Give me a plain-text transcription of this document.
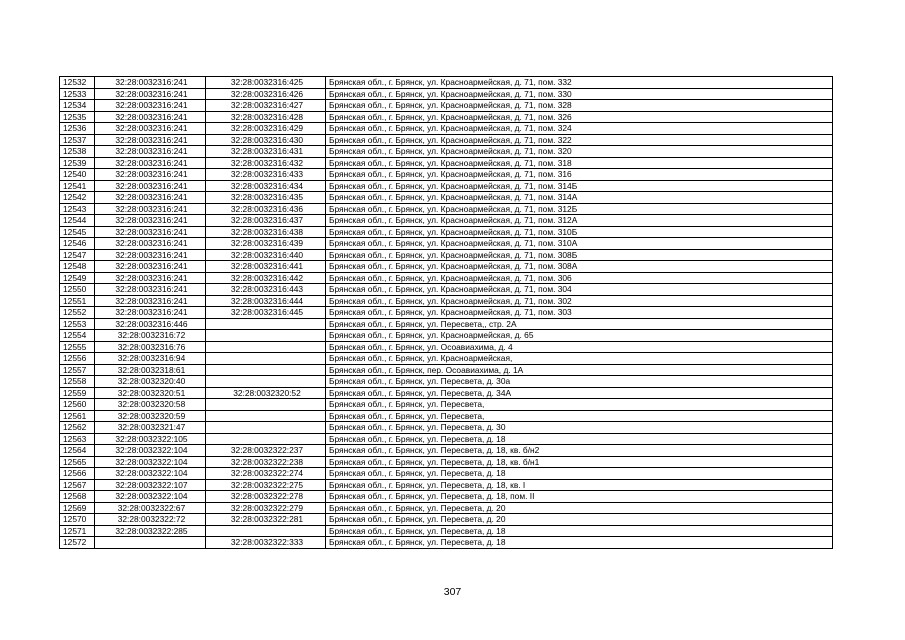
12532	32:28:0032316:241	32:28:0032316:425	Брянская обл., г. Брянск, ул. Красноармейская, д. 71, пом. 332
12533	32:28:0032316:241	32:28:0032316:426	Брянская обл., г. Брянск, ул. Красноармейская, д. 71, пом. 330
12534	32:28:0032316:241	32:28:0032316:427	Брянская обл., г. Брянск, ул. Красноармейская, д. 71, пом. 328
12535	32:28:0032316:241	32:28:0032316:428	Брянская обл., г. Брянск, ул. Красноармейская, д. 71, пом. 326
12536	32:28:0032316:241	32:28:0032316:429	Брянская обл., г. Брянск, ул. Красноармейская, д. 71, пом. 324
12537	32:28:0032316:241	32:28:0032316:430	Брянская обл., г. Брянск, ул. Красноармейская, д. 71, пом. 322
12538	32:28:0032316:241	32:28:0032316:431	Брянская обл., г. Брянск, ул. Красноармейская, д. 71, пом. 320
12539	32:28:0032316:241	32:28:0032316:432	Брянская обл., г. Брянск, ул. Красноармейская, д. 71, пом. 318
12540	32:28:0032316:241	32:28:0032316:433	Брянская обл., г. Брянск, ул. Красноармейская, д. 71, пом. 316
12541	32:28:0032316:241	32:28:0032316:434	Брянская обл., г. Брянск, ул. Красноармейская, д. 71, пом. 314Б
12542	32:28:0032316:241	32:28:0032316:435	Брянская обл., г. Брянск, ул. Красноармейская, д. 71, пом. 314А
12543	32:28:0032316:241	32:28:0032316:436	Брянская обл., г. Брянск, ул. Красноармейская, д. 71, пом. 312Б
12544	32:28:0032316:241	32:28:0032316:437	Брянская обл., г. Брянск, ул. Красноармейская, д. 71, пом. 312А
12545	32:28:0032316:241	32:28:0032316:438	Брянская обл., г. Брянск, ул. Красноармейская, д. 71, пом. 310Б
12546	32:28:0032316:241	32:28:0032316:439	Брянская обл., г. Брянск, ул. Красноармейская, д. 71, пом. 310А
12547	32:28:0032316:241	32:28:0032316:440	Брянская обл., г. Брянск, ул. Красноармейская, д. 71, пом. 308Б
12548	32:28:0032316:241	32:28:0032316:441	Брянская обл., г. Брянск, ул. Красноармейская, д. 71, пом. 308А
12549	32:28:0032316:241	32:28:0032316:442	Брянская обл., г. Брянск, ул. Красноармейская, д. 71, пом. 306
12550	32:28:0032316:241	32:28:0032316:443	Брянская обл., г. Брянск, ул. Красноармейская, д. 71, пом. 304
12551	32:28:0032316:241	32:28:0032316:444	Брянская обл., г. Брянск, ул. Красноармейская, д. 71, пом. 302
12552	32:28:0032316:241	32:28:0032316:445	Брянская обл., г. Брянск, ул. Красноармейская, д. 71, пом. 303
12553	32:28:0032316:446		Брянская обл., г. Брянск, ул. Пересвета,, стр. 2А
12554	32:28:0032316:72		Брянская обл., г. Брянск, ул. Красноармейская, д. 65
12555	32:28:0032316:76		Брянская обл., г. Брянск, ул. Осоавиахима, д. 4
12556	32:28:0032316:94		Брянская обл., г. Брянск, ул. Красноармейская,
12557	32:28:0032318:61		Брянская обл., г. Брянск, пер. Осоавиахима, д. 1А
12558	32:28:0032320:40		Брянская обл., г. Брянск, ул. Пересвета, д. 30а
12559	32:28:0032320:51	32:28:0032320:52	Брянская обл., г. Брянск, ул. Пересвета, д. 34А
12560	32:28:0032320:58		Брянская обл., г. Брянск, ул. Пересвета,
12561	32:28:0032320:59		Брянская обл., г. Брянск, ул. Пересвета,
12562	32:28:0032321:47		Брянская обл., г. Брянск, ул. Пересвета, д. 30
12563	32:28:0032322:105		Брянская обл., г. Брянск, ул. Пересвета, д. 18
12564	32:28:0032322:104	32:28:0032322:237	Брянская обл., г. Брянск, ул. Пересвета, д. 18, кв. б/н2
12565	32:28:0032322:104	32:28:0032322:238	Брянская обл., г. Брянск, ул. Пересвета, д. 18, кв. б/н1
12566	32:28:0032322:104	32:28:0032322:274	Брянская обл., г. Брянск, ул. Пересвета, д. 18
12567	32:28:0032322:107	32:28:0032322:275	Брянская обл., г. Брянск, ул. Пересвета, д. 18, кв. I
12568	32:28:0032322:104	32:28:0032322:278	Брянская обл., г. Брянск, ул. Пересвета, д. 18, пом. II
12569	32:28:0032322:67	32:28:0032322:279	Брянская обл., г. Брянск, ул. Пересвета, д. 20
12570	32:28:0032322:72	32:28:0032322:281	Брянская обл., г. Брянск, ул. Пересвета, д. 20
12571	32:28:0032322:285		Брянская обл., г. Брянск, ул. Пересвета, д. 18
12572		32:28:0032322:333	Брянская обл., г. Брянск, ул. Пересвета, д. 18
307
